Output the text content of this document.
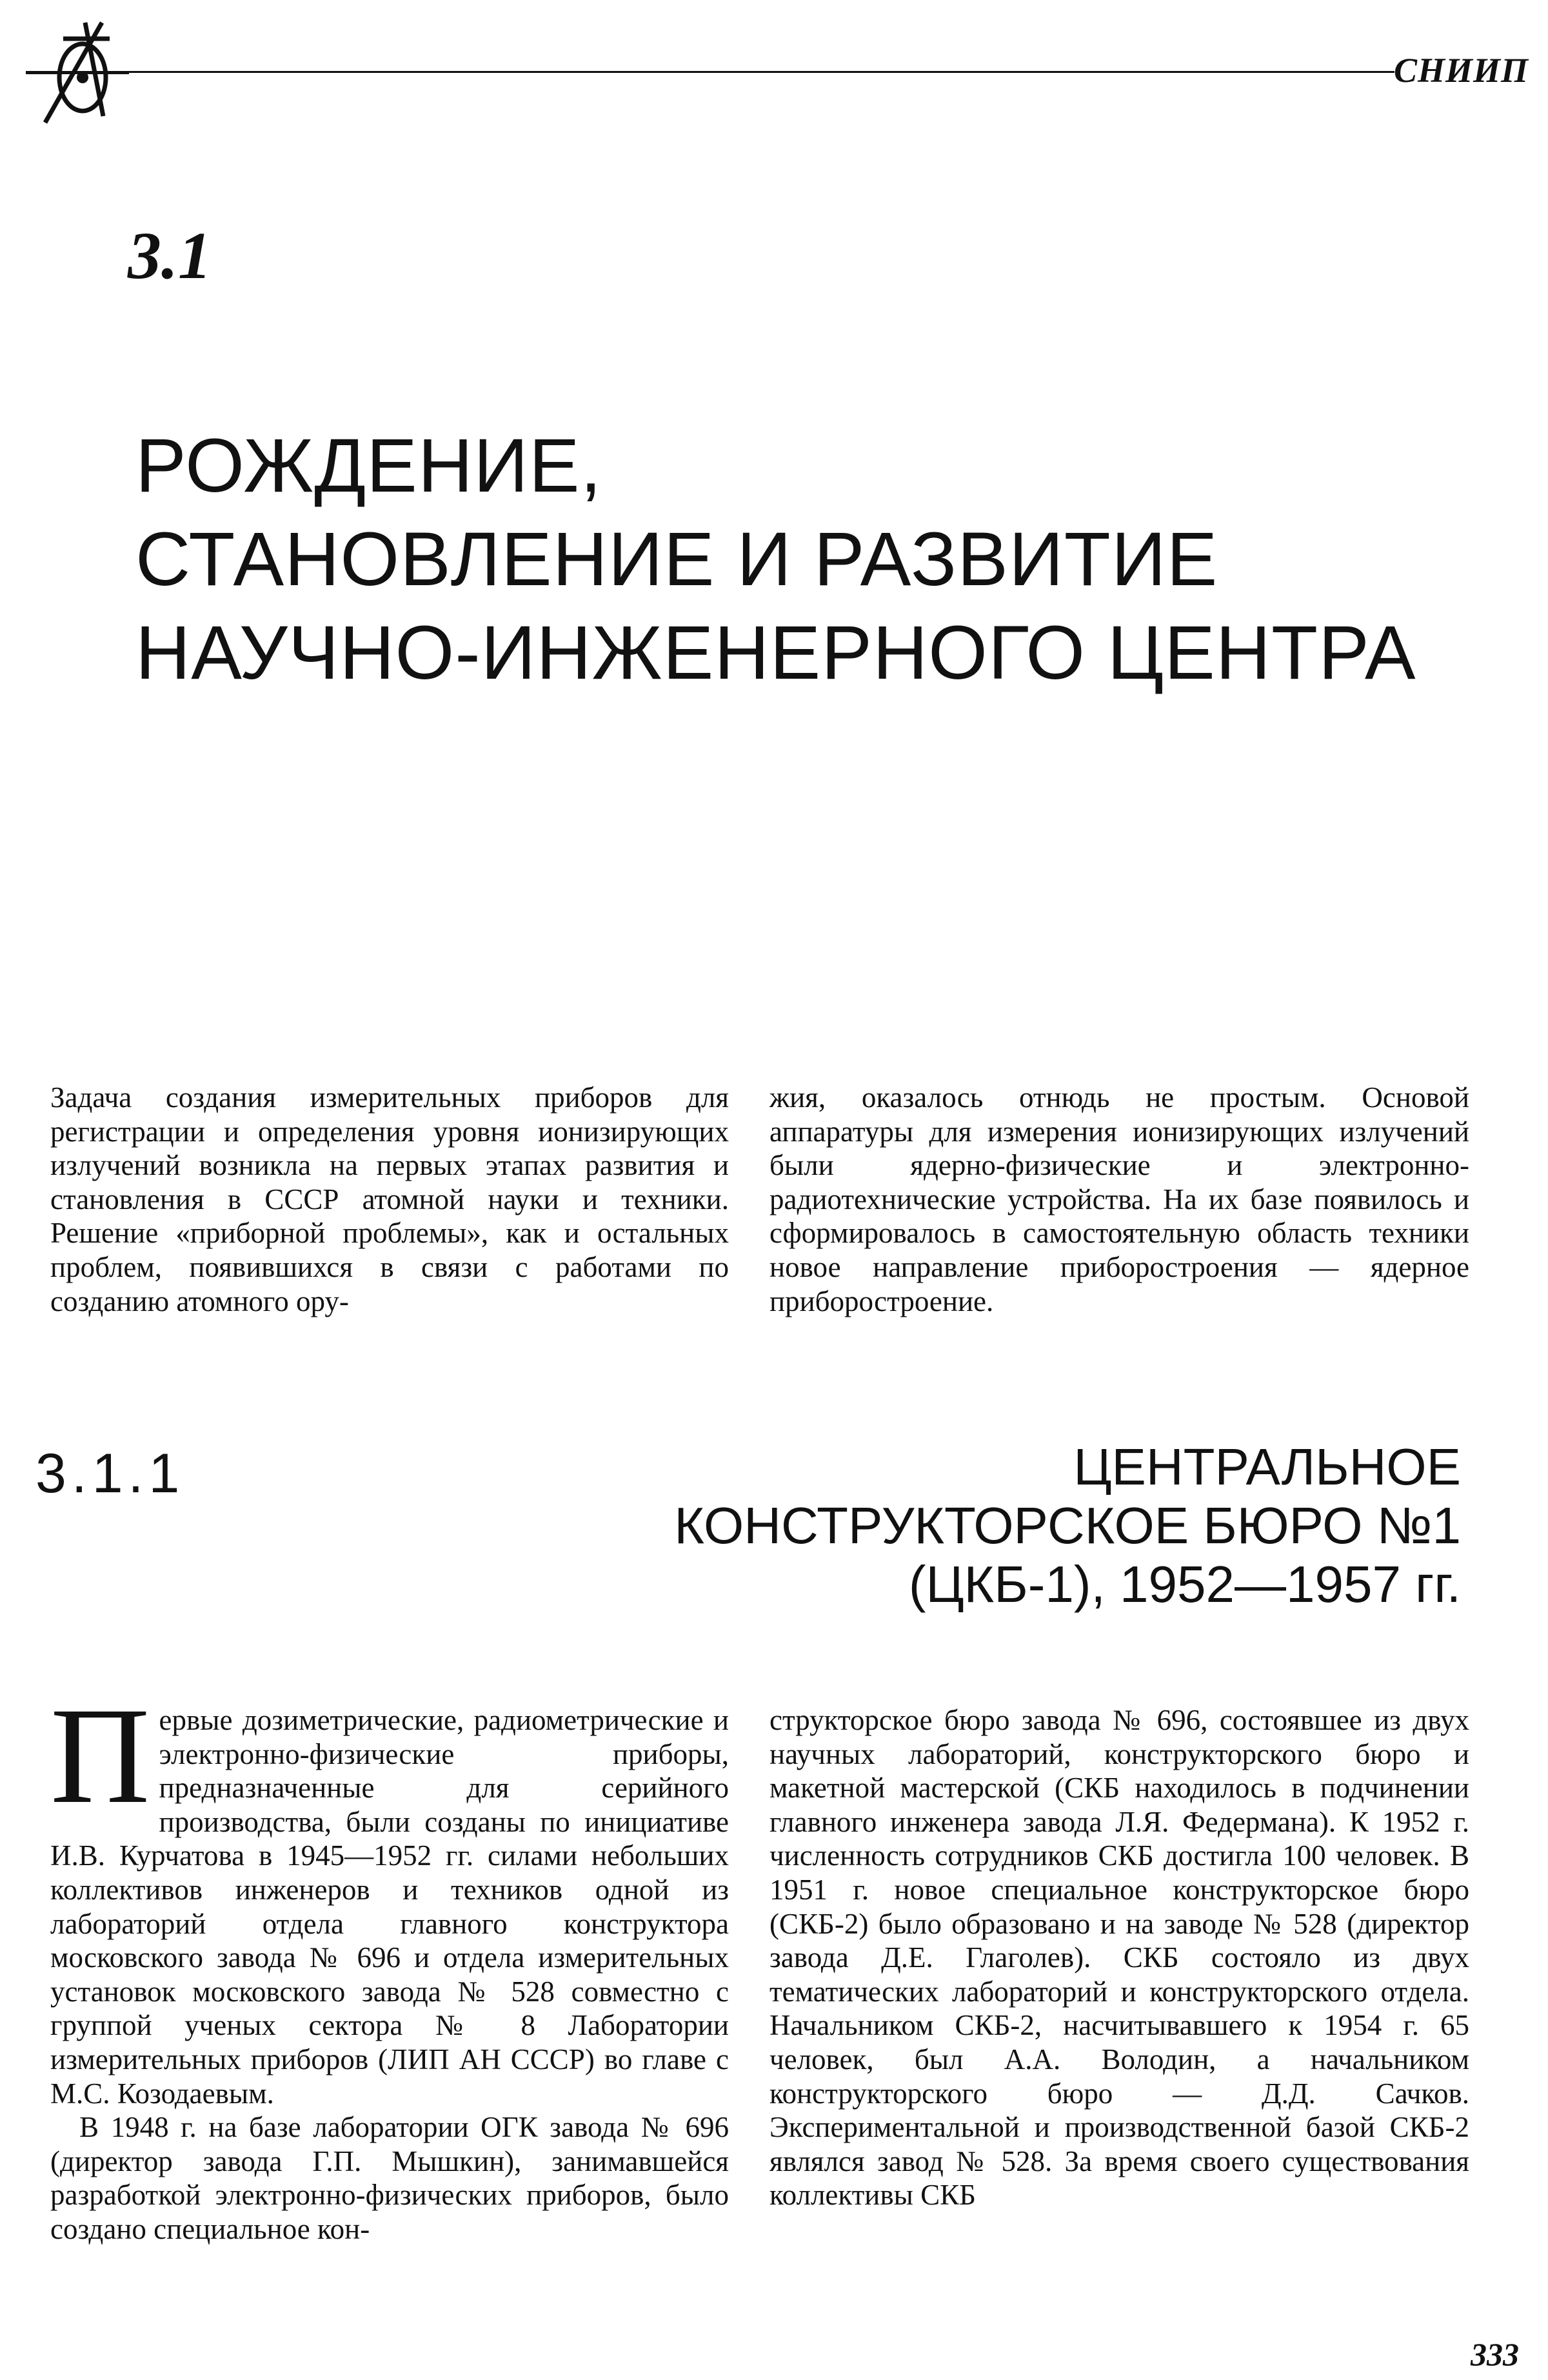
СНИИП
3.1
РОЖДЕНИЕ,
СТАНОВЛЕНИЕ И РАЗВИТИЕ
НАУЧНО-ИНЖЕНЕРНОГО ЦЕНТРА
Задача создания измерительных приборов для регистрации и определения уровня ионизирующих излучений возникла на первых этапах развития и становления в СССР атомной науки и техники. Решение «приборной проблемы», как и остальных проблем, появившихся в связи с работами по созданию атомного ору-
жия, оказалось отнюдь не простым. Основой аппаратуры для измерения ионизирующих излучений были ядерно-физические и электронно-радиотехнические устройства. На их базе появилось и сформировалось в самостоятельную область техники новое направление приборостроения — ядерное приборостроение.
3.1.1	ЦЕНТРАЛЬНОЕ
КОНСТРУКТОРСКОЕ БЮРО №1
(ЦКБ-1), 1952—1957 гг.

Первые дозиметрические, радиометрические и электронно-физические приборы, предназначенные для серийного производства, были созданы по инициативе И.В. Курчатова в 1945—1952 гг. силами небольших коллективов инженеров и техников одной из лабораторий отдела главного конструктора московского завода № 696 и отдела измерительных установок московского завода № 528 совместно с группой ученых сектора № 8 Лаборатории измерительных приборов (ЛИП АН СССР) во главе с М.С. Козодаевым.

В 1948 г. на базе лаборатории ОГК завода № 696 (директор завода Г.П. Мышкин), занимавшейся разработкой электронно-физических приборов, было создано специальное кон-

структорское бюро завода № 696, состоявшее из двух научных лабораторий, конструкторского бюро и макетной мастерской (СКБ находилось в подчинении главного инженера завода Л.Я. Федермана). К 1952 г. численность сотрудников СКБ достигла 100 человек. В 1951 г. новое специальное конструкторское бюро (СКБ-2) было образовано и на заводе № 528 (директор завода Д.Е. Глаголев). СКБ состояло из двух тематических лабораторий и конструкторского отдела. Начальником СКБ-2, насчитывавшего к 1954 г. 65 человек, был А.А. Володин, а начальником конструкторского бюро — Д.Д. Сачков. Экспериментальной и производственной базой СКБ-2 являлся завод № 528. За время своего существования коллективы СКБ
333
